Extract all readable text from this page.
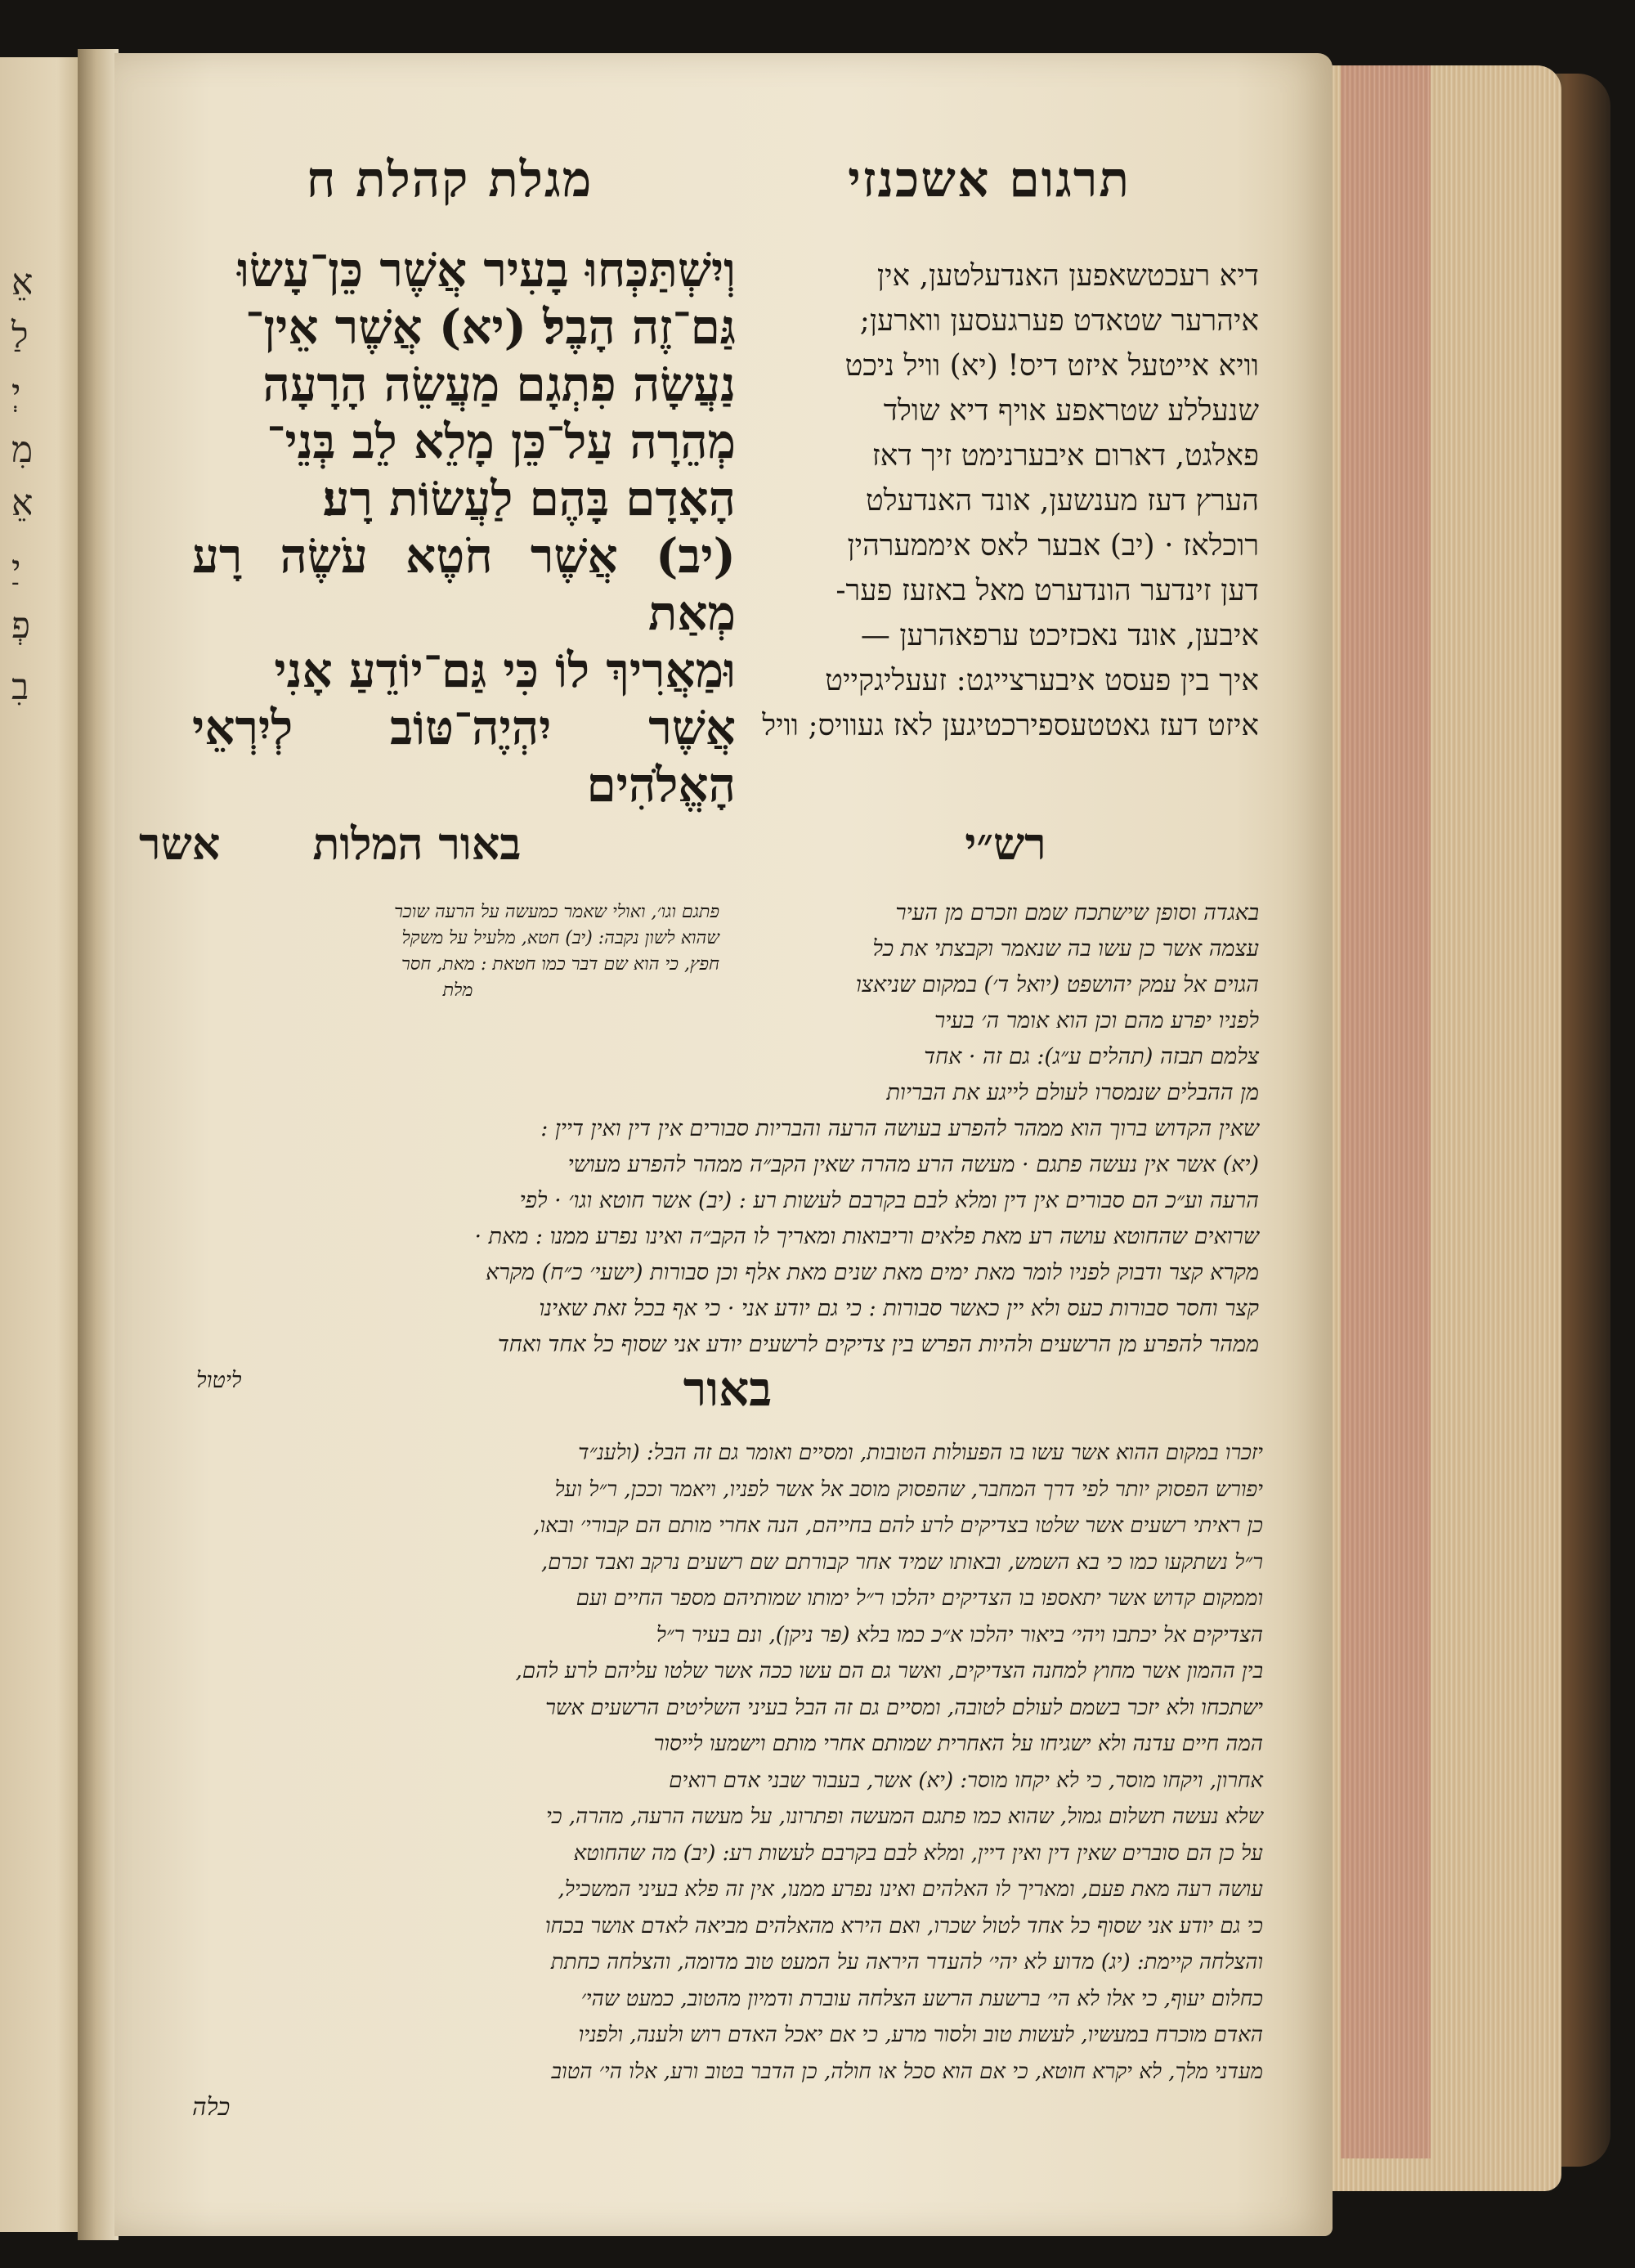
אֵ
לַ
יְ
מִ
אֵ
יַ
פְ
בִ
מגלת קהלת ח	תרגום אשכנזי
וְיִשְׁתַּכְּחוּ בָעִיר אֲשֶׁר כֵּן־עָשׂוּ
גַּם־זֶה הָבֶל׃ (יא) אֲשֶׁר אֵין־
נַעֲשָׂה פִתְגָם מַעֲשֵׂה הָרָעָה
מְהֵרָה עַל־כֵּן מָלֵא לֵב בְּנֵי־
הָאָדָם בָּהֶם לַעֲשׂוֹת רָע׃
(יב) אֲשֶׁר חֹטֶא עֹשֶׂה רָע מְאַת
וּמַאֲרִיךְ לוֹ כִּי גַּם־יוֹדֵעַ אָנִי
אֲשֶׁר יִהְיֶה־טּוֹב לְיִרְאֵי הָאֱלֹהִים
דיא רעכטשאפען האנדעלטען, אין
איהרער שטאדט פערגעסען ווארען;
וויא אייטעל איזט דיס! (יא) וויל ניכט
שנעללע שטראפע אויף דיא שולד
פאלגט, דארום איבערנימט זיך דאז
הערץ דעז מענשען, אונד האנדעלט
רוכלאז · (יב) אבער לאס איממערהין
דען זינדער הונדערט מאל באזעז פער-
איבען, אונד נאכזיכט ערפאהרען —
איך בין פעסט איבערצייגט: זעעליגקייט
איזט דעז גאטטעספירכטיגען לאז געוויס; וויל
רש״י
באור המלות
אשר
פתגם וגו׳, ואולי שאמר כמעשה על הרעה שוכר
שהוא לשון נקבה: (יב) חטא, מלעיל על משקל
חפץ, כי הוא שם דבר כמו חטאת : מאת, חסר
מלת
באגדה וסופן שישתכח שמם וזכרם מן העיר
עצמה אשר כן עשו בה שנאמר וקבצתי את כל
הגוים אל עמק יהושפט (יואל ד׳) במקום שניאצו
לפניו יפרע מהם וכן הוא אומר ה׳ בעיר
צלמם תבזה (תהלים ע״ג): גם זה · אחד
מן ההבלים שנמסרו לעולם לייגע את הבריות
שאין הקדוש ברוך הוא ממהר להפרע בעושה הרעה והבריות סבורים אין דין ואין דיין :
(יא) אשר אין נעשה פתגם · מעשה הרע מהרה שאין הקב״ה ממהר להפרע מעושי
הרעה וע״כ הם סבורים אין דין ומלא לבם בקרבם לעשות רע : (יב) אשר חוטא וגו׳ · לפי
שרואים שהחוטא עושה רע מאת פלאים וריבואות ומאריך לו הקב״ה ואינו נפרע ממנו : מאת ·
מקרא קצר ודבוק לפניו לומר מאת ימים מאת שנים מאת אלף וכן סבורות (ישעי׳ כ״ח) מקרא
קצר וחסר סבורות כעס ולא יין כאשר סבורות : כי גם יודע אני · כי אף בכל זאת שאינו
ממהר להפרע מן הרשעים ולהיות הפרש בין צדיקים לרשעים יודע אני שסוף כל אחד ואחד
ליטול	באור
יזכרו במקום ההוא אשר עשו בו הפעולות הטובות, ומסיים ואומר גם זה הבל: (ולענ״ד
יפורש הפסוק יותר לפי דרך המחבר, שהפסוק מוסב אל אשר לפניו, ויאמר וככן, ר״ל ועל
כן ראיתי רשעים אשר שלטו בצדיקים לרע להם בחייהם, הנה אחרי מותם הם קבורי׳ ובאו,
ר״ל נשתקעו כמו כי בא השמש, ובאותו שמיד אחר קבורתם שם רשעים נרקב ואבד זכרם,
וממקום קדוש אשר יתאספו בו הצדיקים יהלכו ר״ל ימותו שמותיהם מספר החיים ועם
הצדיקים אל יכתבו ויהי׳ ביאור יהלכו א״כ כמו בלא (פר ניקן), ונם בעיר ר״ל
בין ההמון אשר מחוץ למחנה הצדיקים, ואשר גם הם עשו ככה אשר שלטו עליהם לרע להם,
ישתכחו ולא יזכר בשמם לעולם לטובה, ומסיים גם זה הבל בעיני השליטים הרשעים אשר
המה חיים עדנה ולא ישגיחו על האחרית שמותם אחרי מותם וישמעו לייסור
אחרון, ויקחו מוסר, כי לא יקחו מוסר: (יא) אשר, בעבור שבני אדם רואים
שלא נעשה תשלום גמול, שהוא כמו פתגם המעשה ופתרונו, על מעשה הרעה, מהרה, כי
על כן הם סוברים שאין דין ואין דיין, ומלא לבם בקרבם לעשות רע: (יב) מה שהחוטא
עושה רעה מאת פעם, ומאריך לו האלהים ואינו נפרע ממנו, אין זה פלא בעיני המשכיל,
כי גם יודע אני שסוף כל אחד לטול שכרו, ואם הירא מהאלהים מביאה לאדם אושר בכחו
והצלחה קיימת: (יג) מדוע לא יהי׳ להעדר היראה על המעט טוב מדומה, והצלחה כחתת
כחלום יעוף, כי אלו לא הי׳ ברשעת הרשע הצלחה עוברת ודמיון מהטוב, כמעט שהי׳
האדם מוכרח במעשיו, לעשות טוב ולסור מרע, כי אם יאכל האדם רוש ולענה, ולפניו
מעדני מלך, לא יקרא חוטא, כי אם הוא סכל או חולה, כן הדבר בטוב ורע, אלו הי׳ הטוב
כלה
